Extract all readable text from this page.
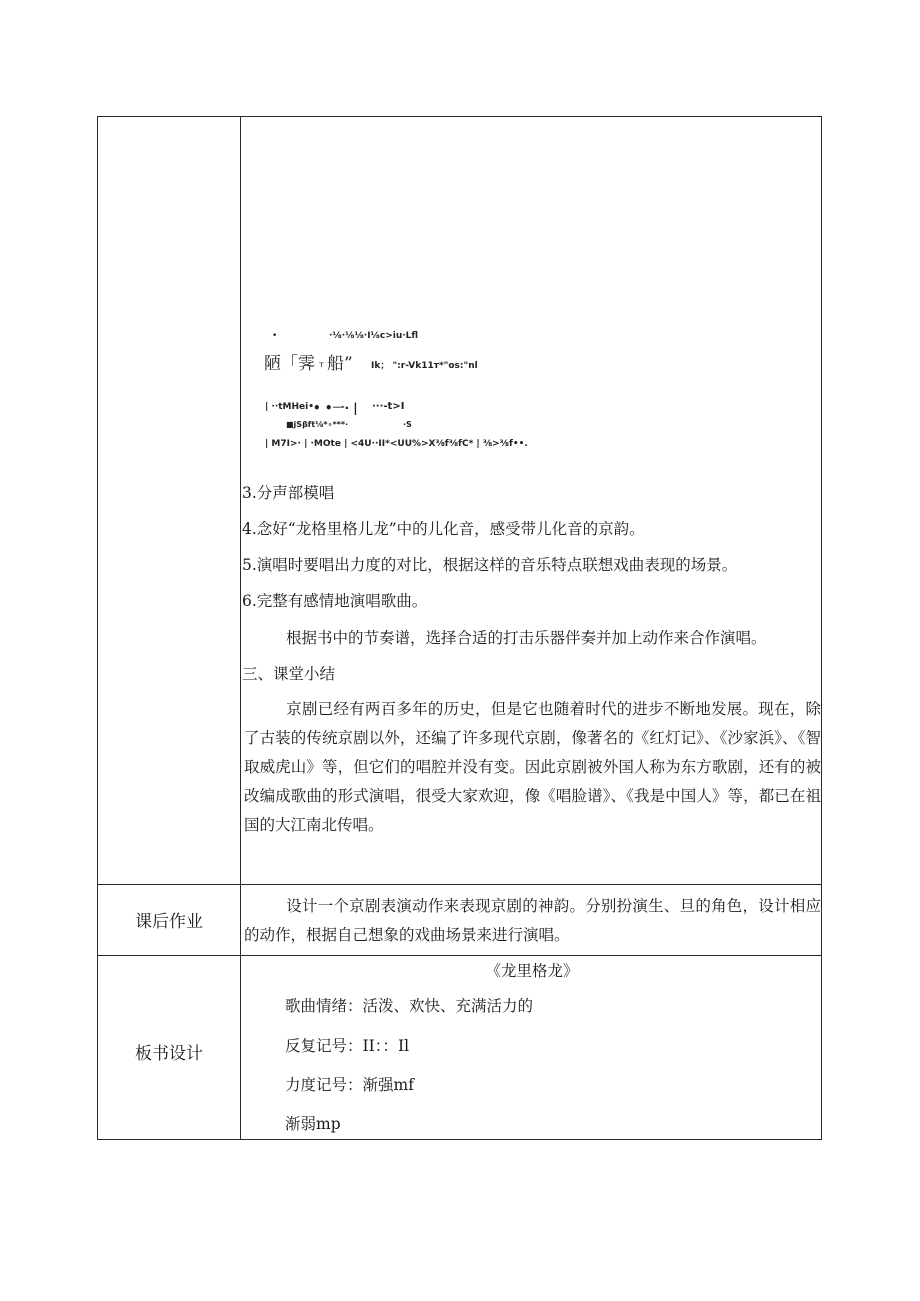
•	·⅛·⅛⅛·I⅛c>iu·Lfl
陋「霁 т 船” Ik； ":r-Vk11т*"os:"nl
| ··tMHei• • •一· | ···-t>I
■jSβft⅛*∘***·	·S
| M7I>· | ·MOte | <4U··II*<UU%>X⅜f⅜fC* | ⅜>⅜f••.
3.分声部模唱
4.念好“龙格里格儿龙”中的儿化音，感受带儿化音的京韵。
5.演唱时要唱出力度的对比，根据这样的音乐特点联想戏曲表现的场景。
6.完整有感情地演唱歌曲。
根据书中的节奏谱，选择合适的打击乐器伴奏并加上动作来合作演唱。
三、课堂小结
京剧已经有两百多年的历史，但是它也随着时代的进步不断地发展。现在，除了古装的传统京剧以外，还编了许多现代京剧，像著名的《红灯记》、《沙家浜》、《智取威虎山》等，但它们的唱腔并没有变。因此京剧被外国人称为东方歌剧，还有的被改编成歌曲的形式演唱，很受大家欢迎，像《唱脸谱》、《我是中国人》等，都已在祖国的大江南北传唱。
课后作业
设计一个京剧表演动作来表现京剧的神韵。分别扮演生、旦的角色，设计相应的动作，根据自己想象的戏曲场景来进行演唱。
板书设计
《龙里格龙》
歌曲情绪：活泼、欢快、充满活力的
反复记号：II：：Il
力度记号：渐强mf
渐弱mp
